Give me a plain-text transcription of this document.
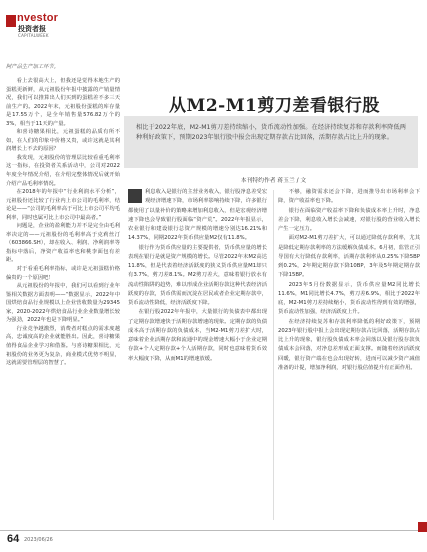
nvestor
投资者报
CAPITALWEEK
阿产品生产加工环节。

看上去很高大上，但我还是觉得本地生产的蛋糕更新鲜，从元祖股份年报中披露的产销量情况，我们可以推算出人们买到的蛋糕差不多三天前生产的。2022年末，元祖股份蛋糕的库存量是17.55万个，是全年销售量576.82万个的3%，相当于11天的产量。

和喜诗糖果相比，元祖蛋糕的品质有所不如，在人们的印象中价格又贵，或许这就是其利润增长上不去的原因？

我发现，元祖股份的管理层比较看重毛利率这一指标，在投资者关系活动中，公司对2022年度全年情况介绍，在介绍完整体情况后就开始介绍产品毛利率情况。

在2018年的年报中“行业利润水平分析”，元祖股份还比较了行业内上市公司的毛利率，结论是——“公司的毛利率高于可比上市公司平均毛利率，同时也属可比上市公司中最高者。”

问题是，企业的盈利能力并不是完全由毛利率决定的——元祖股份的毛利率高于克莉丝汀（603866.SH），却在收入、利润、净利润率等指标中落后，净资产收益率也和桃李面包有差距。

对于看重毛利率指标，或许是元祖蛋糕价格偏贵的一个原因吧！

从元祖股份的年报中，我们可以看到行业年鉴相关数据方面表明——“数据显示，2022年中国烘焙食品行业规模以上企业营收数量为29345家，2020-2022年烘焙食品行业企业数量增长较为强劲，2022年也是下降明显。”

行业竞争越激烈，消费者对糕点的需求度越高，忠诚度高的企业就能胜出。因此，喜诗糖果值得食品企业学习和借鉴。与喜诗糖果相比，元祖股份的业务更为复杂，商业模式优势不明显，这就需要管理层的智慧了。

从M2-M1剪刀差看银行股

相比于2022年底，M2-M1剪刀差持续缩小，货币流动性加强。在经济持续复苏和存款利率降低两种利好政策下，预期2023年银行股中报会出现定期存款占比回落，活期存款占比上升的现象。

本刊特约作者 蒋玉兰 / 文

利息收入是银行的主营业务收入，银行股净息差受宏观经济增速下降，市场利率影响持续下降，许多银行都使用了以量补价的策略来增加利息收入，但是宏观经济增速下降也会导致银行股面临“资产荒”。2022年年报显示，农业银行和建设银行总资产规模的增速分别达16.21%和14.37%，同期2022年货币供应量M2仅有11.8%。

银行作为货币供应量的主要提供者，货币供应量的增长表现在银行是就是资产规模的增长。尽管2022年末M2高达11.8%，但是代表着经济活跃度的狭义货币供应量M1却只有3.7%，剪刀差8.1%。M2剪刀差大，意味着银行放水有流动性陷阱的趋势，难以形成企业活期存款这种代表经济活跃度的存款，货币供需而沉淀在居民或者企业定期存款中，货币流动性降低，经济活跃度下降。

在银行股2022年年报中，大量银行的负债表中都出现了定期存款增速快于活期存款增速的现象。定期存款的负债成本高于活期存款的负债成本，当M2-M1剪刀差扩大时，意味着企业活期存款和流通中的现金增速大幅小于企业定期存款+个人定期存款+个人活期存款，同时也意味着货币效率大幅度下降，从而M1的增速放缓。

不够，融资需求还会下降，进而推导出市场利率会下降，资产收益率也下降。

银行在面临资产收益率下降和负债成本率上升时，净息差会下降，利息收入增长会减速，对银行股的营业收入增长产生一定压力。

面对M2-M1剪刀差扩大，可以通过降低存款利率，尤其是降低定期存款利率的方法缓解负债成本。6月初，监管正引导国有大行降低存款利率，活期存款利率从0.25%下降5BP到0.2%，2年期定期存款下降10BP，3年及5年期定期存款下降15BP。

2023年5月份数据显示，货币供应量M2同比增长11.6%，M1同比增长4.7%，剪刀差6.9%，相比于2022年底，M2-M1剪刀差持续缩小，货币流动性得到有效的增强，货币流动性加强，经济活跃度上升。

在经济持续复苏和存款利率降低的利好政策下，预期2023年银行股中报上会出现定期存款占比回落，活期存款占比上升的现象，银行股负债成本率会回落以及银行股存款负债成本会回落，对净息差形成正面支撑。而随着经济活跃度回暖，银行资产端在也会出现好转，进而可以减少资产减值准备的计提，增加净利润，对银行股估值提升有正面作用。

64 2023/06/26
